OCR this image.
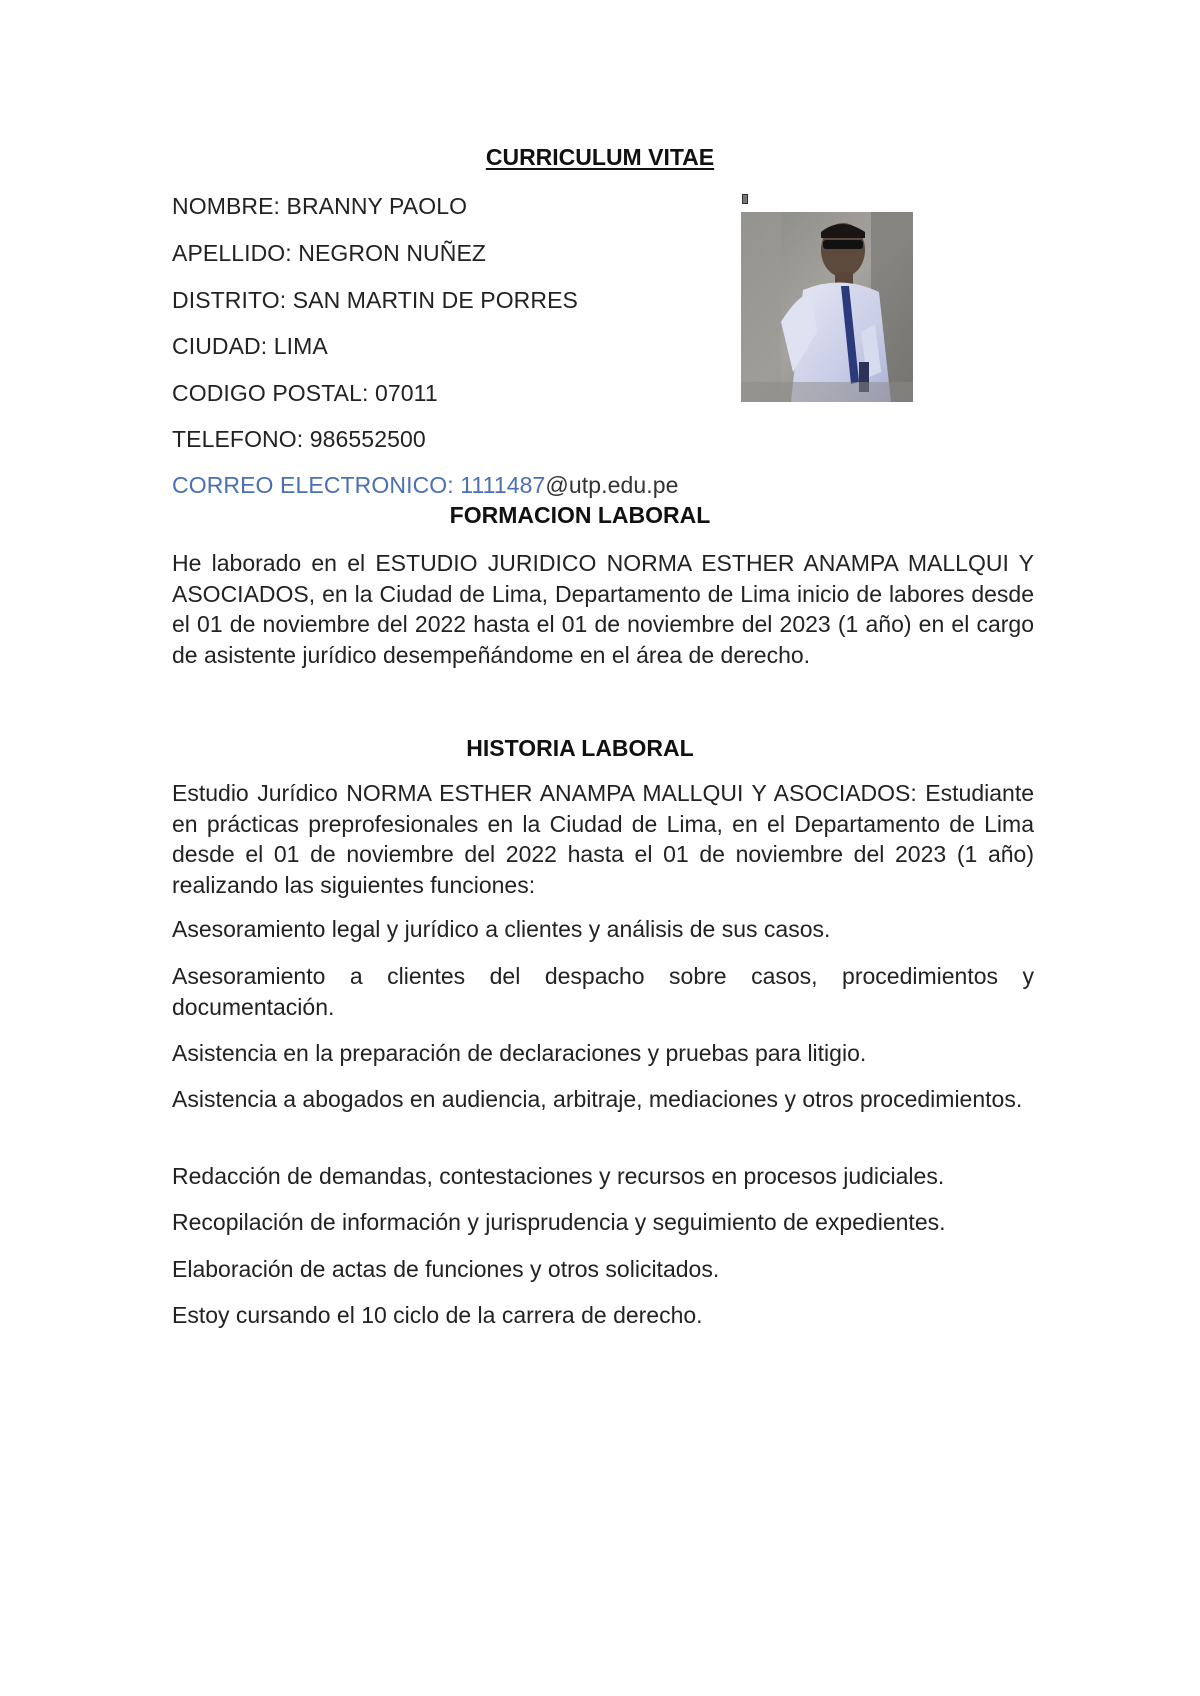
CURRICULUM VITAE
NOMBRE: BRANNY PAOLO
APELLIDO: NEGRON NUÑEZ
DISTRITO: SAN MARTIN DE PORRES
CIUDAD: LIMA
CODIGO POSTAL: 07011
TELEFONO: 986552500
CORREO ELECTRONICO: 1111487@utp.edu.pe
FORMACION LABORAL
He laborado en el ESTUDIO JURIDICO NORMA ESTHER ANAMPA MALLQUI Y ASOCIADOS, en la Ciudad de Lima, Departamento de Lima inicio de labores desde el 01 de noviembre del 2022 hasta el 01 de noviembre del 2023 (1 año) en el cargo de asistente jurídico desempeñándome en el área de derecho.
HISTORIA LABORAL
Estudio Jurídico NORMA ESTHER ANAMPA MALLQUI Y ASOCIADOS: Estudiante en prácticas preprofesionales en la Ciudad de Lima, en el Departamento de Lima desde el 01 de noviembre del 2022 hasta el 01 de noviembre del 2023 (1 año) realizando las siguientes funciones:
Asesoramiento legal y jurídico a clientes y análisis de sus casos.
Asesoramiento a clientes del despacho sobre casos, procedimientos y documentación.
Asistencia en la preparación de declaraciones y pruebas para litigio.
Asistencia a abogados en audiencia, arbitraje, mediaciones y otros procedimientos.
Redacción de demandas, contestaciones y recursos en procesos judiciales.
Recopilación de información y jurisprudencia y seguimiento de expedientes.
Elaboración de actas de funciones y otros solicitados.
Estoy cursando el 10 ciclo de la carrera de derecho.
